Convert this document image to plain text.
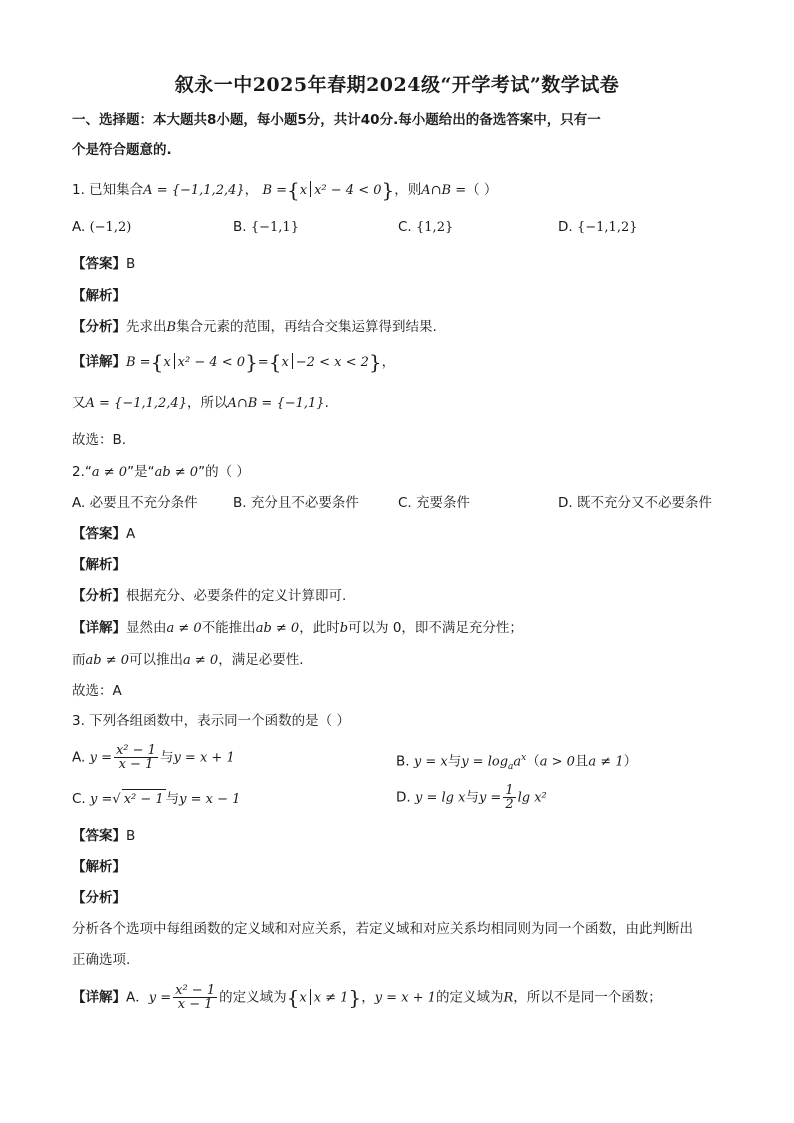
叙永一中2025年春期2024级“开学考试”数学试卷
一、选择题：本大题共8小题，每小题5分，共计40分.每小题给出的备选答案中，只有一
个是符合题意的.
1. 已知集合A = {−1,1,2,4}， B ={x x² − 4 < 0}，则A∩B =（ ）
A. (−1,2)	B. {−1,1}	C. {1,2}	D. {−1,1,2}
【答案】B
【解析】
【分析】先求出B集合元素的范围，再结合交集运算得到结果.
【详解】B ={x x² − 4 < 0}={x −2 < x < 2}，
又A = {−1,1,2,4}，所以A∩B = {−1,1}.
故选：B.
2.“a ≠ 0”是“ab ≠ 0”的（ ）
A. 必要且不充分条件	B. 充分且不必要条件	C. 充要条件	D. 既不充分又不必要条件
【答案】A
【解析】
【分析】根据充分、必要条件的定义计算即可.
【详解】显然由a ≠ 0不能推出ab ≠ 0，此时b可以为 0，即不满足充分性；
而ab ≠ 0可以推出a ≠ 0，满足必要性.
故选：A
3. 下列各组函数中，表示同一个函数的是（ ）
A. $y = \frac{\text{x² − 1}}{x - 1}$ 与y = x + 1	B. y = x与$y = \log_aa^x(a > 0$且a ≠ 1）
C. y =√ x² − 1 与y = x − 1	D. y = lg x与$y = \frac{1}{2}$ lg x²
【答案】B
【解析】
【分析】
分析各个选项中每组函数的定义域和对应关系，若定义域和对应关系均相同则为同一个函数，由此判断出
正确选项.
【详解】A．$y = \frac{\text{x² − 1}}{x - 1}$ 的定义域为{x x ≠ 1}，y = x + 1的定义域为R，所以不是同一个函数；
